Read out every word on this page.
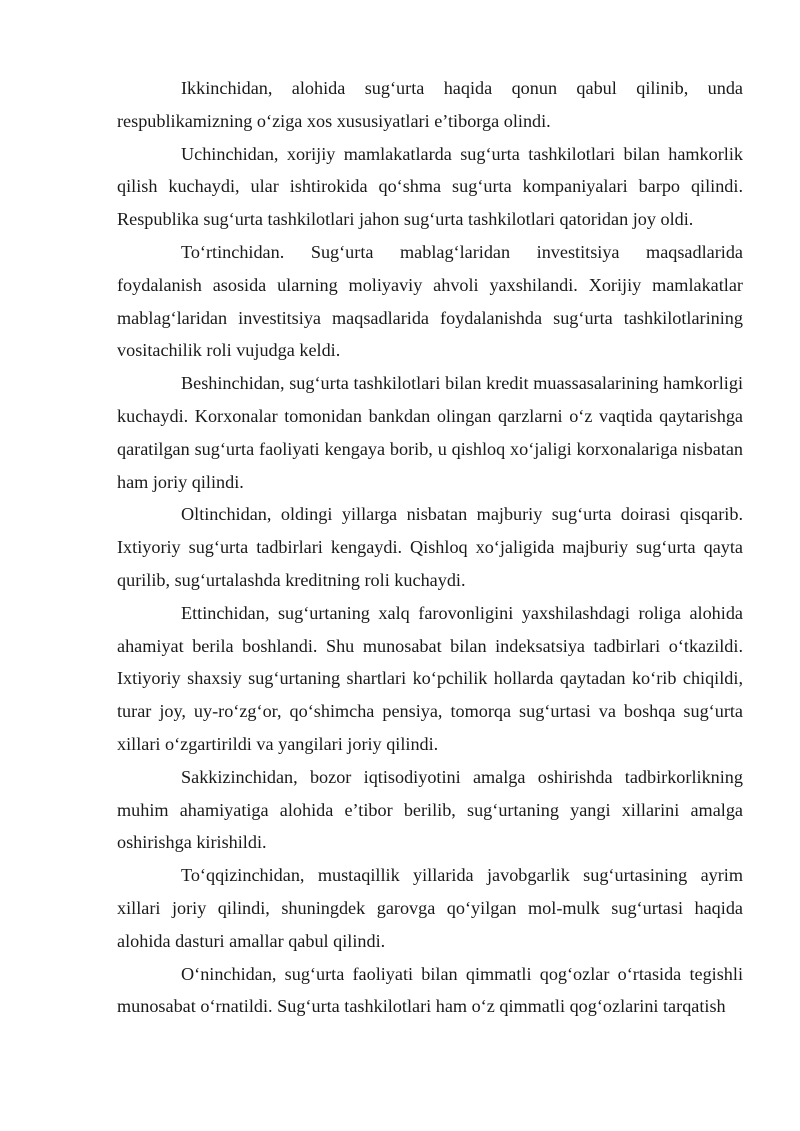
Ikkinchidan, alohida sug‘urta haqida qonun qabul qilinib, unda respublikamizning o‘ziga xos xususiyatlari e’tiborga olindi.

Uchinchidan, xorijiy mamlakatlarda sug‘urta tashkilotlari bilan hamkorlik qilish kuchaydi, ular ishtirokida qo‘shma sug‘urta kompaniyalari barpo qilindi. Respublika sug‘urta tashkilotlari jahon sug‘urta tashkilotlari qatoridan joy oldi.

To‘rtinchidan. Sug‘urta mablag‘laridan investitsiya maqsadlarida foydalanish asosida ularning moliyaviy ahvoli yaxshilandi. Xorijiy mamlakatlar mablag‘laridan investitsiya maqsadlarida foydalanishda sug‘urta tashkilotlarining vositachilik roli vujudga keldi.

Beshinchidan, sug‘urta tashkilotlari bilan kredit muassasalarining hamkorligi kuchaydi. Korxonalar tomonidan bankdan olingan qarzlarni o‘z vaqtida qaytarishga qaratilgan sug‘urta faoliyati kengaya borib, u qishloq xo‘jaligi korxonalariga nisbatan ham joriy qilindi.

Oltinchidan, oldingi yillarga nisbatan majburiy sug‘urta doirasi qisqarib. Ixtiyoriy sug‘urta tadbirlari kengaydi. Qishloq xo‘jaligida majburiy sug‘urta qayta qurilib, sug‘urtalashda kreditning roli kuchaydi.

Ettinchidan, sug‘urtaning xalq farovonligini yaxshilashdagi roliga alohida ahamiyat berila boshlandi. Shu munosabat bilan indeksatsiya tadbirlari o‘tkazildi. Ixtiyoriy shaxsiy sug‘urtaning shartlari ko‘pchilik hollarda qaytadan ko‘rib chiqildi, turar joy, uy-ro‘zg‘or, qo‘shimcha pensiya, tomorqa sug‘urtasi va boshqa sug‘urta xillari o‘zgartirildi va yangilari joriy qilindi.

Sakkizinchidan, bozor iqtisodiyotini amalga oshirishda tadbirkorlikning muhim ahamiyatiga alohida e’tibor berilib, sug‘urtaning yangi xillarini amalga oshirishga kirishildi.

To‘qqizinchidan, mustaqillik yillarida javobgarlik sug‘urtasining ayrim xillari joriy qilindi, shuningdek garovga qo‘yilgan mol-mulk sug‘urtasi haqida alohida dasturi amallar qabul qilindi.

O‘ninchidan, sug‘urta faoliyati bilan qimmatli qog‘ozlar o‘rtasida tegishli munosabat o‘rnatildi. Sug‘urta tashkilotlari ham o‘z qimmatli qog‘ozlarini tarqatish
